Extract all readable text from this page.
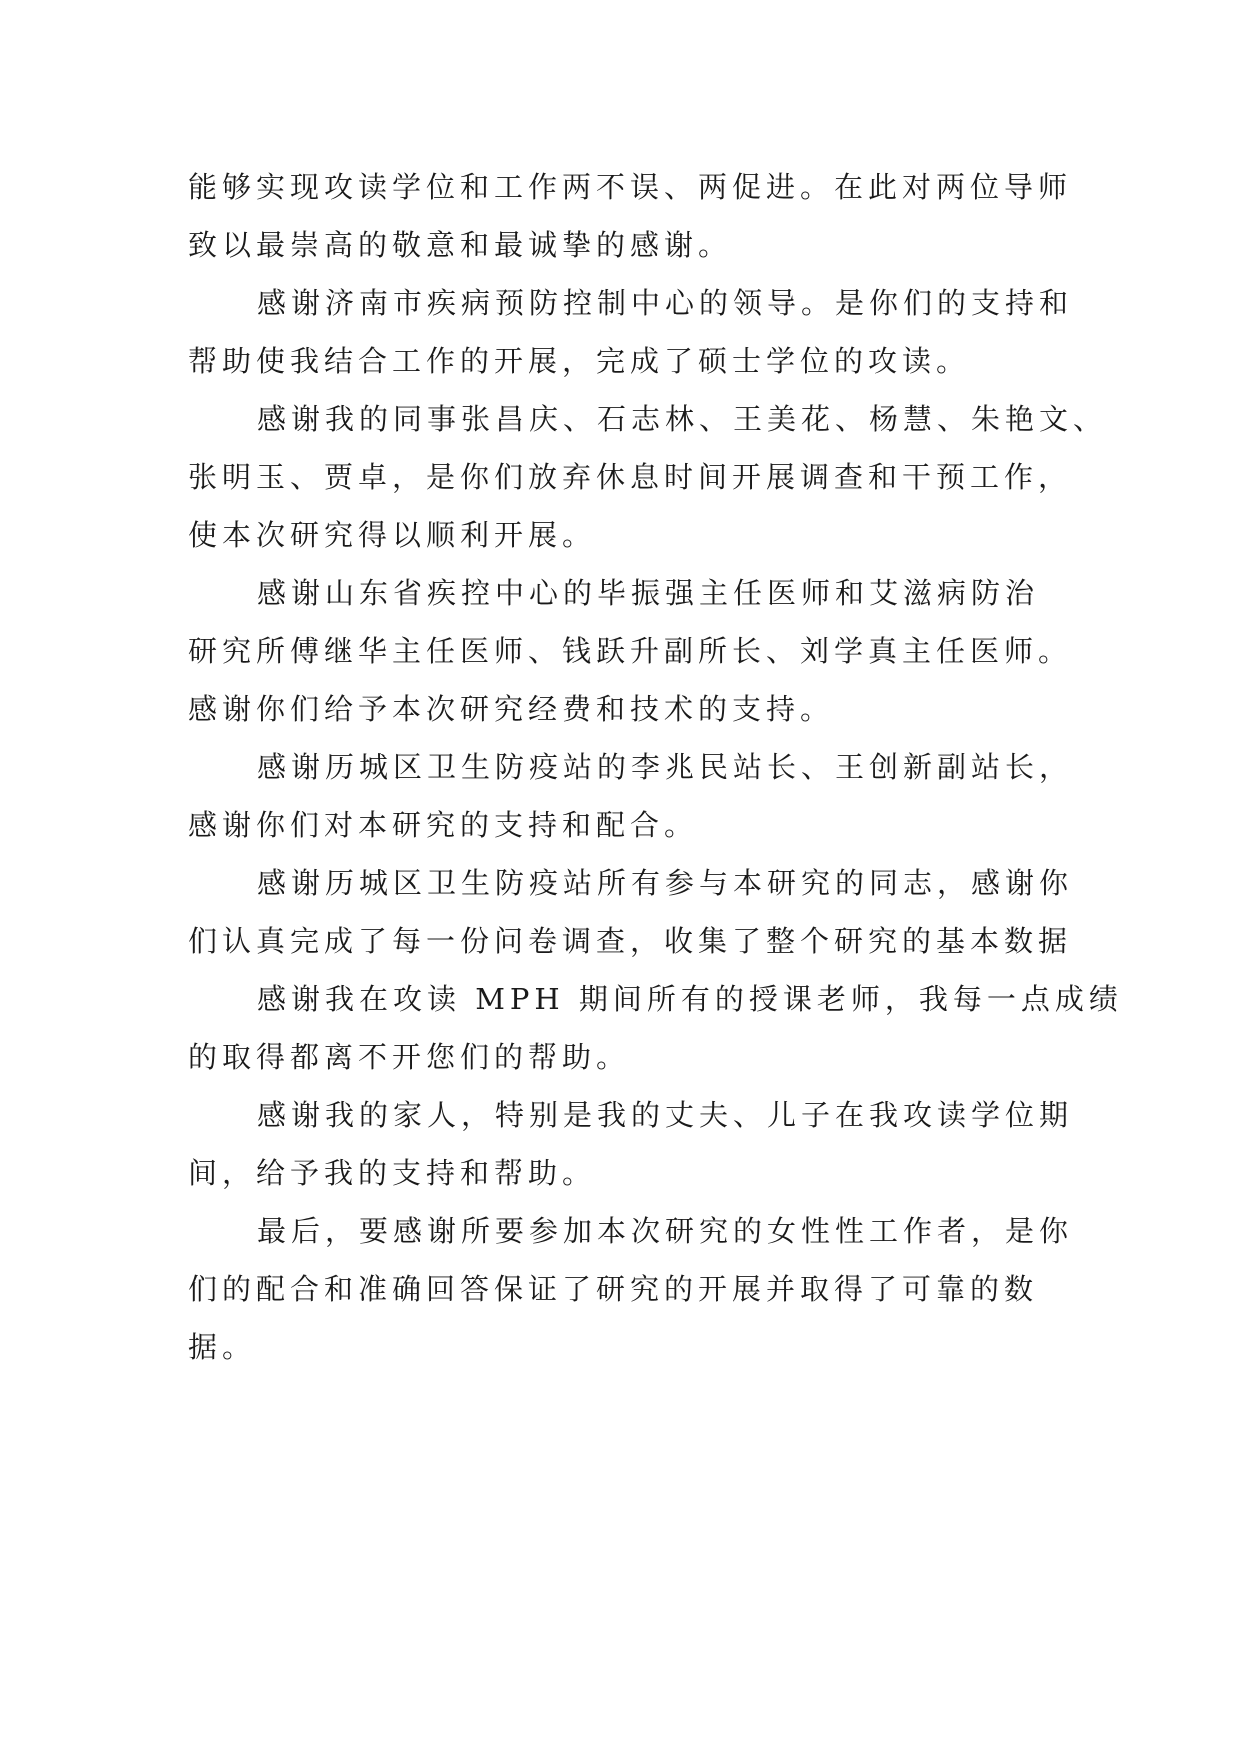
能够实现攻读学位和工作两不误、两促进。在此对两位导师
致以最崇高的敬意和最诚挚的感谢。
感谢济南市疾病预防控制中心的领导。是你们的支持和
帮助使我结合工作的开展，完成了硕士学位的攻读。
感谢我的同事张昌庆、石志林、王美花、杨慧、朱艳文、
张明玉、贾卓，是你们放弃休息时间开展调查和干预工作，
使本次研究得以顺利开展。
感谢山东省疾控中心的毕振强主任医师和艾滋病防治
研究所傅继华主任医师、钱跃升副所长、刘学真主任医师。
感谢你们给予本次研究经费和技术的支持。
感谢历城区卫生防疫站的李兆民站长、王创新副站长，
感谢你们对本研究的支持和配合。
感谢历城区卫生防疫站所有参与本研究的同志，感谢你
们认真完成了每一份问卷调查，收集了整个研究的基本数据
感谢我在攻读 MPH 期间所有的授课老师，我每一点成绩
的取得都离不开您们的帮助。
感谢我的家人，特别是我的丈夫、儿子在我攻读学位期
间，给予我的支持和帮助。
最后，要感谢所要参加本次研究的女性性工作者，是你
们的配合和准确回答保证了研究的开展并取得了可靠的数
据。
